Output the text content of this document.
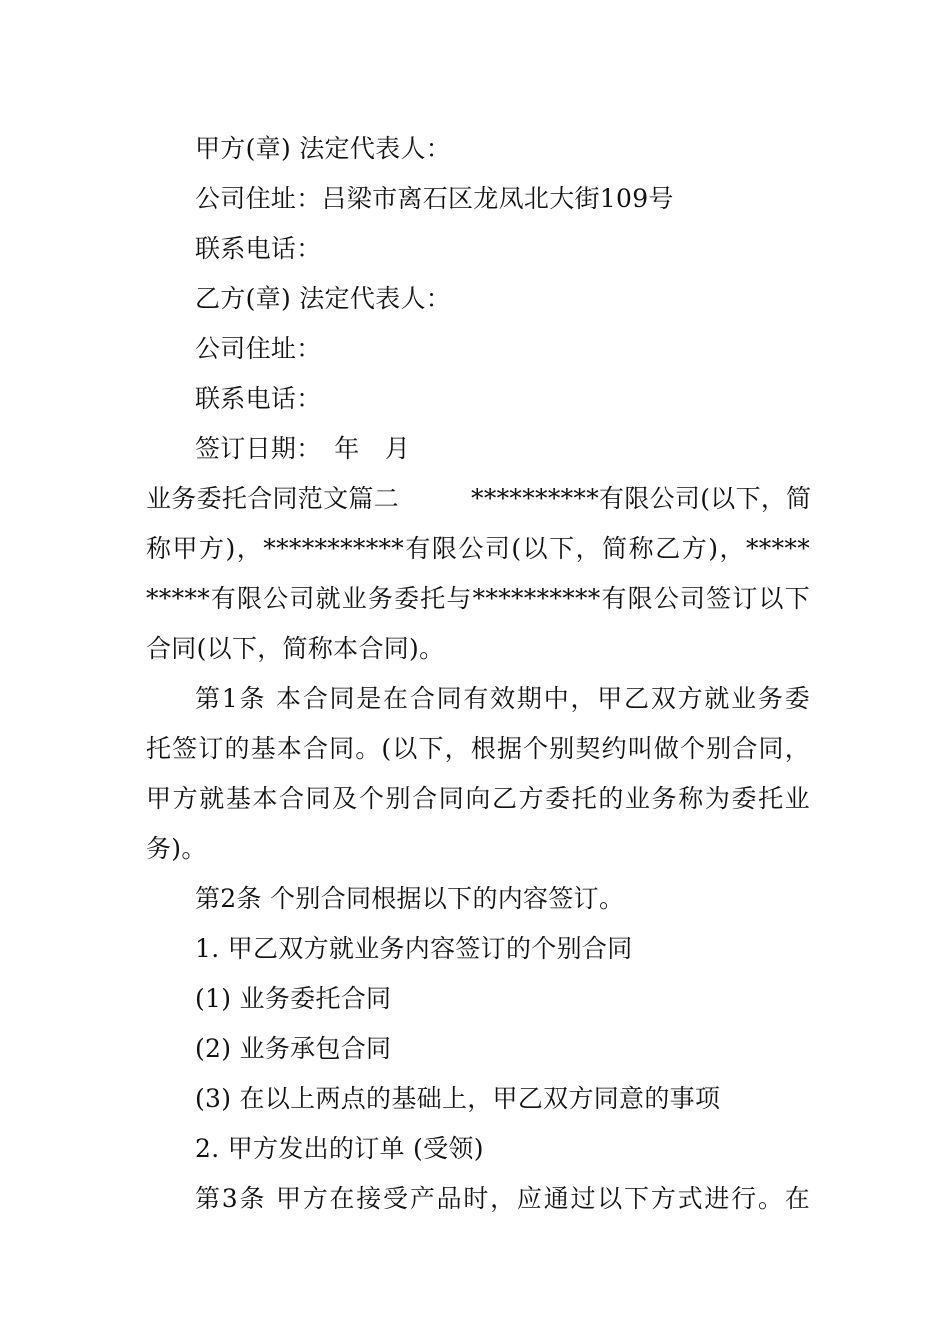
甲方(章) 法定代表人：
公司住址：吕梁市离石区龙凤北大街109号
联系电话：
乙方(章) 法定代表人：
公司住址：
联系电话：
签订日期：　年　月
业务委托合同范文篇二	**********有限公司(以下，简
称甲方)，***********有限公司(以下，简称乙方)，*****
*****有限公司就业务委托与**********有限公司签订以下
合同(以下，简称本合同)。
第1条 本合同是在合同有效期中，甲乙双方就业务委
托签订的基本合同。(以下，根据个别契约叫做个别合同，
甲方就基本合同及个别合同向乙方委托的业务称为委托业
务)。
第2条 个别合同根据以下的内容签订。
1. 甲乙双方就业务内容签订的个别合同
(1) 业务委托合同
(2) 业务承包合同
(3) 在以上两点的基础上，甲乙双方同意的事项
2. 甲方发出的订单 (受领)
第3条 甲方在接受产品时，应通过以下方式进行。在
